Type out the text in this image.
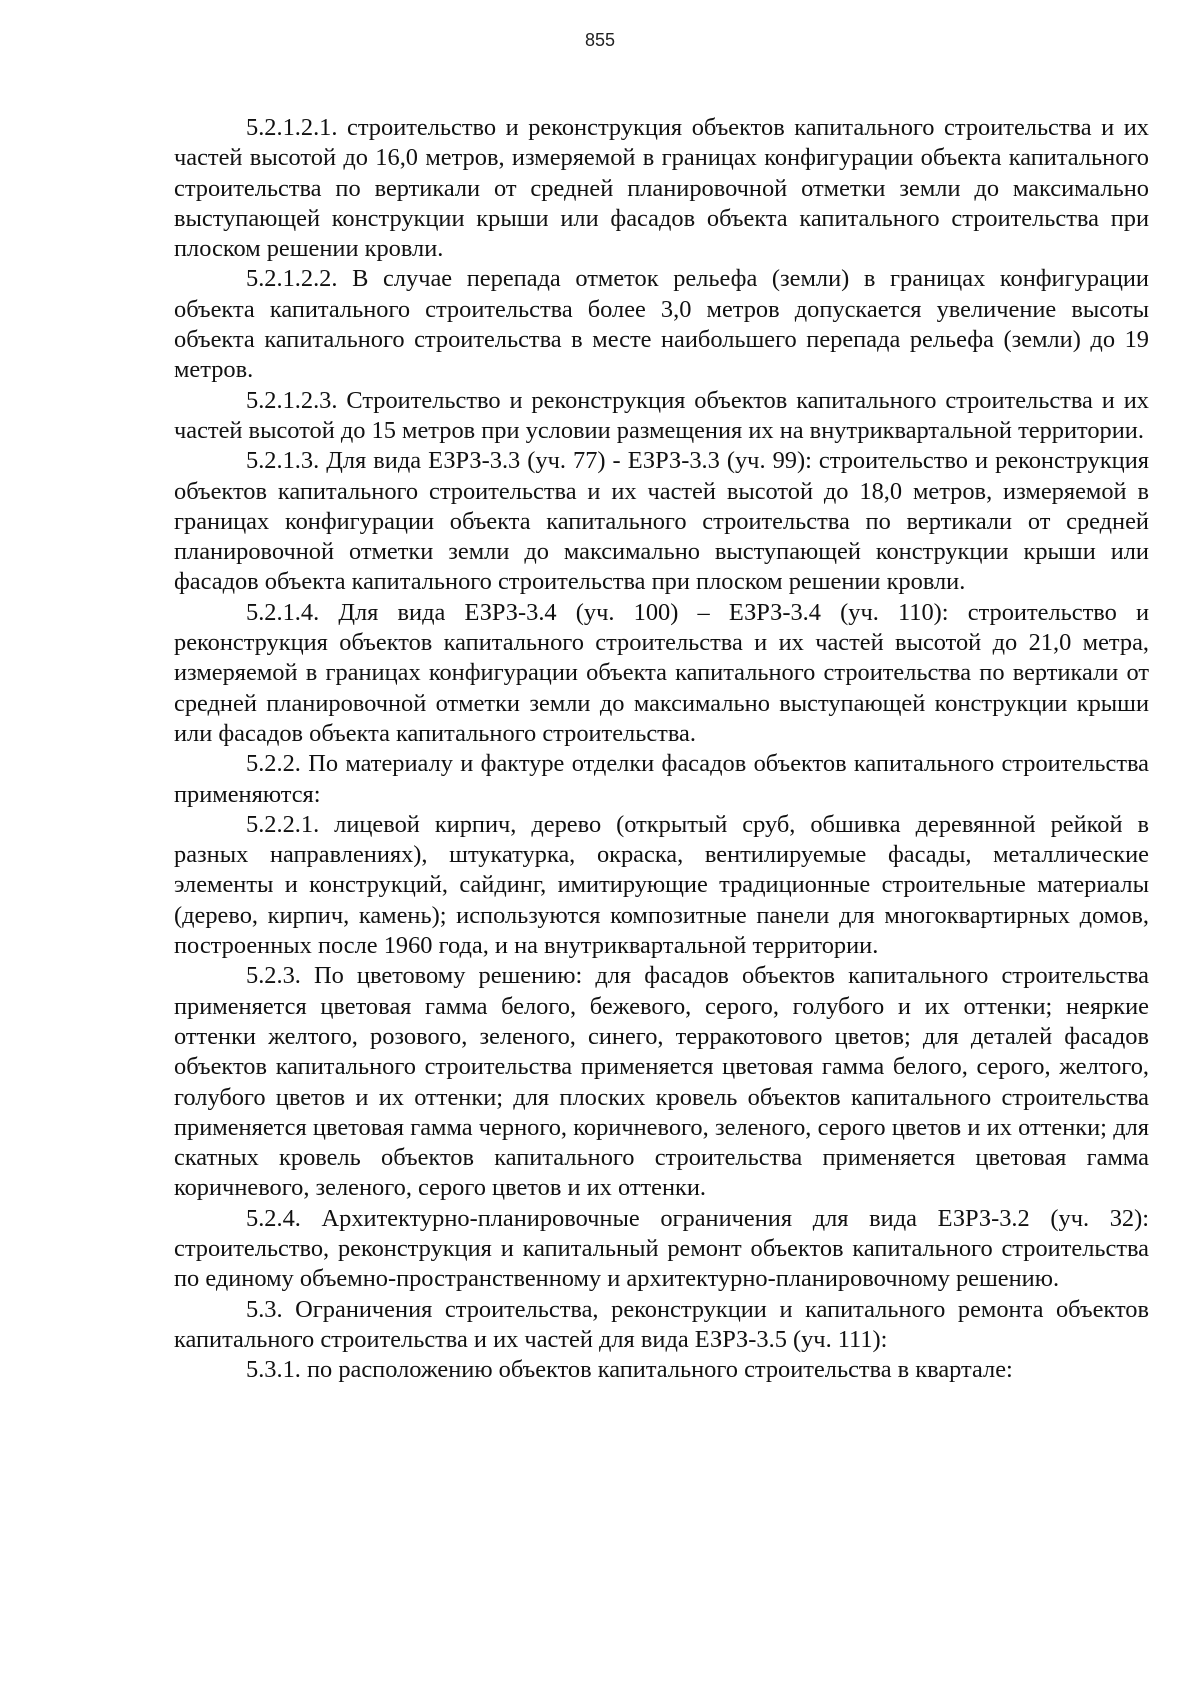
855

5.2.1.2.1. строительство и реконструкция объектов капитального строительства и их частей высотой до 16,0 метров, измеряемой в границах конфигурации объекта капитального строительства по вертикали от средней планировочной отметки земли до максимально выступающей конструкции крыши или фасадов объекта капитального строительства при плоском решении кровли.

5.2.1.2.2. В случае перепада отметок рельефа (земли) в границах конфигурации объекта капитального строительства более 3,0 метров допускается увеличение высоты объекта капитального строительства в месте наибольшего перепада рельефа (земли) до 19 метров.

5.2.1.2.3. Строительство и реконструкция объектов капитального строительства и их частей высотой до 15 метров при условии размещения их на внутриквартальной территории.

5.2.1.3. Для вида ЕЗРЗ-3.3 (уч. 77) - ЕЗРЗ-3.3 (уч. 99): строительство и реконструкция объектов капитального строительства и их частей высотой до 18,0 метров, измеряемой в границах конфигурации объекта капитального строительства по вертикали от средней планировочной отметки земли до максимально выступающей конструкции крыши или фасадов объекта капитального строительства при плоском решении кровли.

5.2.1.4. Для вида ЕЗРЗ-3.4 (уч. 100) – ЕЗРЗ-3.4 (уч. 110): строительство и реконструкция объектов капитального строительства и их частей высотой до 21,0 метра, измеряемой в границах конфигурации объекта капитального строительства по вертикали от средней планировочной отметки земли до максимально выступающей конструкции крыши или фасадов объекта капитального строительства.

5.2.2. По материалу и фактуре отделки фасадов объектов капитального строительства применяются:

5.2.2.1. лицевой кирпич, дерево (открытый сруб, обшивка деревянной рейкой в разных направлениях), штукатурка, окраска, вентилируемые фасады, металлические элементы и конструкций, сайдинг, имитирующие традиционные строительные материалы (дерево, кирпич, камень); используются композитные панели для многоквартирных домов, построенных после 1960 года, и на внутриквартальной территории.

5.2.3. По цветовому решению: для фасадов объектов капитального строительства применяется цветовая гамма белого, бежевого, серого, голубого и их оттенки; неяркие оттенки желтого, розового, зеленого, синего, терракотового цветов; для деталей фасадов объектов капитального строительства применяется цветовая гамма белого, серого, желтого, голубого цветов и их оттенки; для плоских кровель объектов капитального строительства применяется цветовая гамма черного, коричневого, зеленого, серого цветов и их оттенки; для скатных кровель объектов капитального строительства применяется цветовая гамма коричневого, зеленого, серого цветов и их оттенки.

5.2.4. Архитектурно-планировочные ограничения для вида ЕЗРЗ-3.2 (уч. 32): строительство, реконструкция и капитальный ремонт объектов капитального строительства по единому объемно-пространственному и архитектурно-планировочному решению.

5.3. Ограничения строительства, реконструкции и капитального ремонта объектов капитального строительства и их частей для вида ЕЗРЗ-3.5 (уч. 111):

5.3.1. по расположению объектов капитального строительства в квартале:
